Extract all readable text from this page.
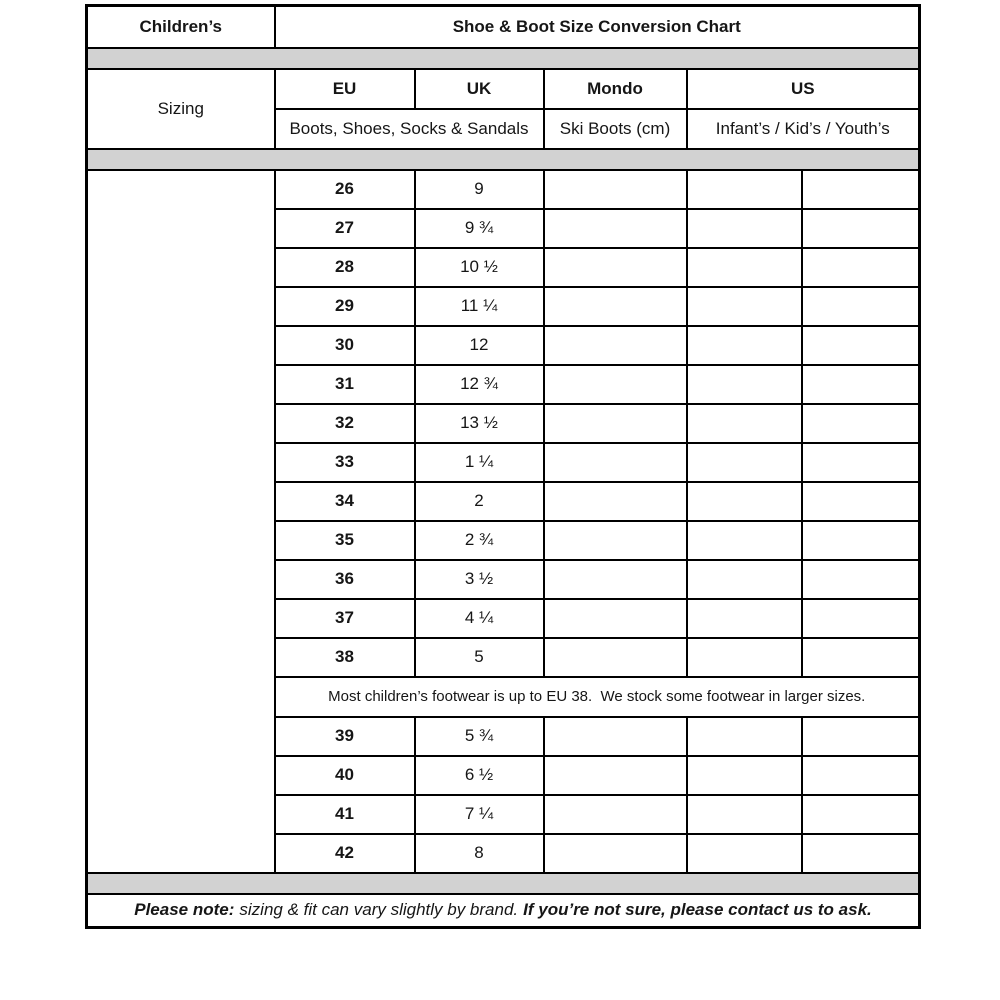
Children’s	Shoe & Boot Size Conversion Chart				

Sizing	EU	UK	Mondo	US	
	Boots, Shoes, Socks & Sandals		Ski Boots (cm)	Infant’s / Kid’s / Youth’s	

	26	9			
	27	9 ¾			
	28	10 ½			
	29	11 ¼			
	30	12			
	31	12 ¾			
	32	13 ½			
	33	1 ¼			
	34	2			
	35	2 ¾			
	36	3 ½			
	37	4 ¼			
	38	5			
	Most children’s footwear is up to EU 38.  We stock some footwear in larger sizes.				
	39	5 ¾			
	40	6 ½			
	41	7 ¼			
	42	8			

Please note: sizing & fit can vary slightly by brand. If you’re not sure, please contact us to ask.					
